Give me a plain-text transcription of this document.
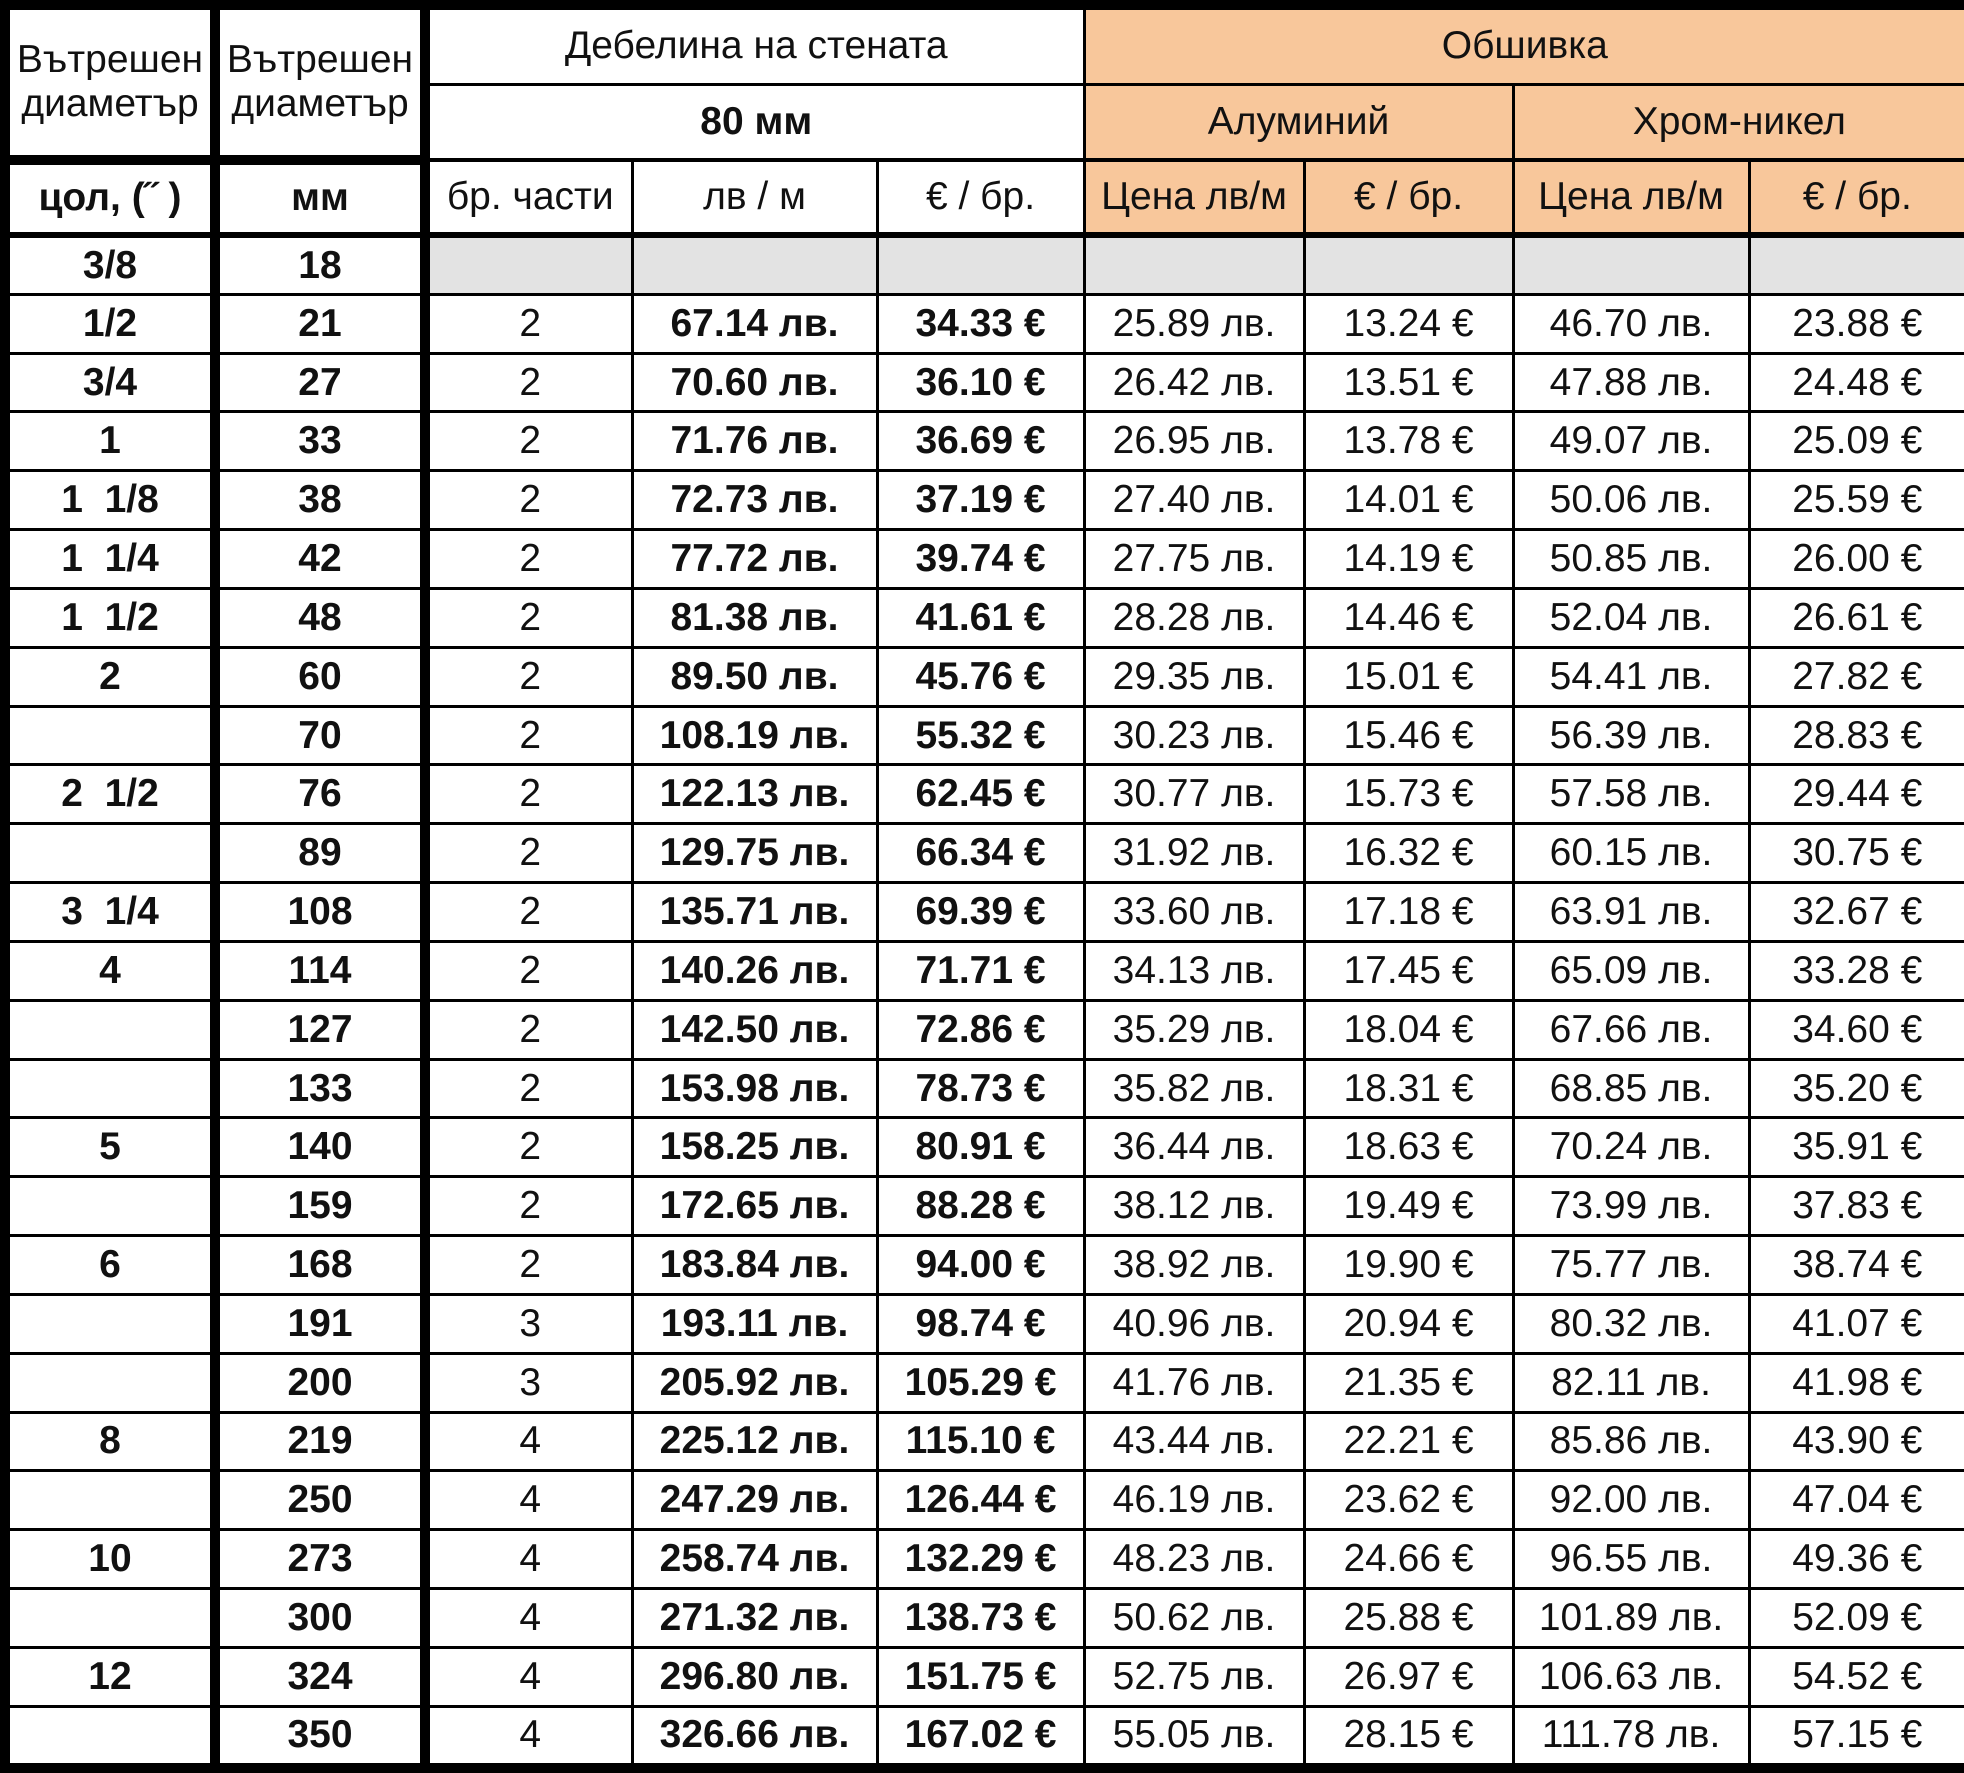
Вътрешен диаметър	Вътрешен диаметър	Дебелина на стената			Обшивка			
		80 мм			Алуминий		Хром-никел	
цол, (˝ )	мм	бр. части	лв / м	€ / бр.	Цена лв/м	€ / бр.	Цена лв/м	€ / бр.
3/8	18							
1/2	21	2	67.14 лв.	34.33 €	25.89 лв.	13.24 €	46.70 лв.	23.88 €
3/4	27	2	70.60 лв.	36.10 €	26.42 лв.	13.51 €	47.88 лв.	24.48 €
1	33	2	71.76 лв.	36.69 €	26.95 лв.	13.78 €	49.07 лв.	25.09 €
1  1/8	38	2	72.73 лв.	37.19 €	27.40 лв.	14.01 €	50.06 лв.	25.59 €
1  1/4	42	2	77.72 лв.	39.74 €	27.75 лв.	14.19 €	50.85 лв.	26.00 €
1  1/2	48	2	81.38 лв.	41.61 €	28.28 лв.	14.46 €	52.04 лв.	26.61 €
2	60	2	89.50 лв.	45.76 €	29.35 лв.	15.01 €	54.41 лв.	27.82 €
	70	2	108.19 лв.	55.32 €	30.23 лв.	15.46 €	56.39 лв.	28.83 €
2  1/2	76	2	122.13 лв.	62.45 €	30.77 лв.	15.73 €	57.58 лв.	29.44 €
	89	2	129.75 лв.	66.34 €	31.92 лв.	16.32 €	60.15 лв.	30.75 €
3  1/4	108	2	135.71 лв.	69.39 €	33.60 лв.	17.18 €	63.91 лв.	32.67 €
4	114	2	140.26 лв.	71.71 €	34.13 лв.	17.45 €	65.09 лв.	33.28 €
	127	2	142.50 лв.	72.86 €	35.29 лв.	18.04 €	67.66 лв.	34.60 €
	133	2	153.98 лв.	78.73 €	35.82 лв.	18.31 €	68.85 лв.	35.20 €
5	140	2	158.25 лв.	80.91 €	36.44 лв.	18.63 €	70.24 лв.	35.91 €
	159	2	172.65 лв.	88.28 €	38.12 лв.	19.49 €	73.99 лв.	37.83 €
6	168	2	183.84 лв.	94.00 €	38.92 лв.	19.90 €	75.77 лв.	38.74 €
	191	3	193.11 лв.	98.74 €	40.96 лв.	20.94 €	80.32 лв.	41.07 €
	200	3	205.92 лв.	105.29 €	41.76 лв.	21.35 €	82.11 лв.	41.98 €
8	219	4	225.12 лв.	115.10 €	43.44 лв.	22.21 €	85.86 лв.	43.90 €
	250	4	247.29 лв.	126.44 €	46.19 лв.	23.62 €	92.00 лв.	47.04 €
10	273	4	258.74 лв.	132.29 €	48.23 лв.	24.66 €	96.55 лв.	49.36 €
	300	4	271.32 лв.	138.73 €	50.62 лв.	25.88 €	101.89 лв.	52.09 €
12	324	4	296.80 лв.	151.75 €	52.75 лв.	26.97 €	106.63 лв.	54.52 €
	350	4	326.66 лв.	167.02 €	55.05 лв.	28.15 €	111.78 лв.	57.15 €
